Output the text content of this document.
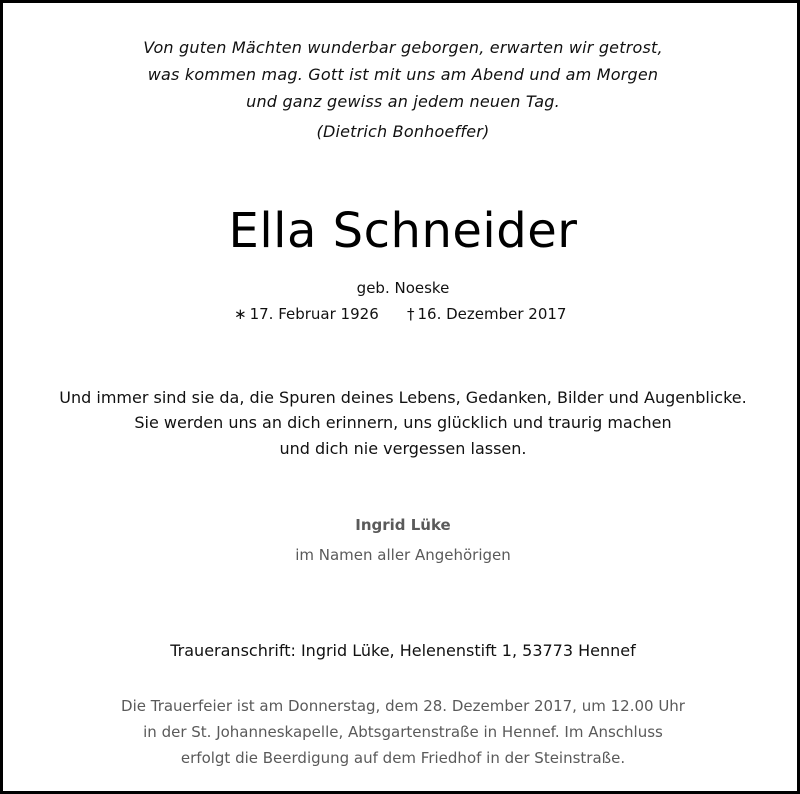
Von guten Mächten wunderbar geborgen, erwarten wir getrost,
was kommen mag. Gott ist mit uns am Abend und am Morgen
und ganz gewiss an jedem neuen Tag.
(Dietrich Bonhoeffer)
Ella Schneider
geb. Noeske
∗ 17. Februar 1926 † 16. Dezember 2017
Und immer sind sie da, die Spuren deines Lebens, Gedanken, Bilder und Augenblicke.
Sie werden uns an dich erinnern, uns glücklich und traurig machen
und dich nie vergessen lassen.
Ingrid Lüke
im Namen aller Angehörigen
Traueranschrift: Ingrid Lüke, Helenenstift 1, 53773 Hennef
Die Trauerfeier ist am Donnerstag, dem 28. Dezember 2017, um 12.00 Uhr
in der St. Johanneskapelle, Abtsgartenstraße in Hennef. Im Anschluss
erfolgt die Beerdigung auf dem Friedhof in der Steinstraße.
